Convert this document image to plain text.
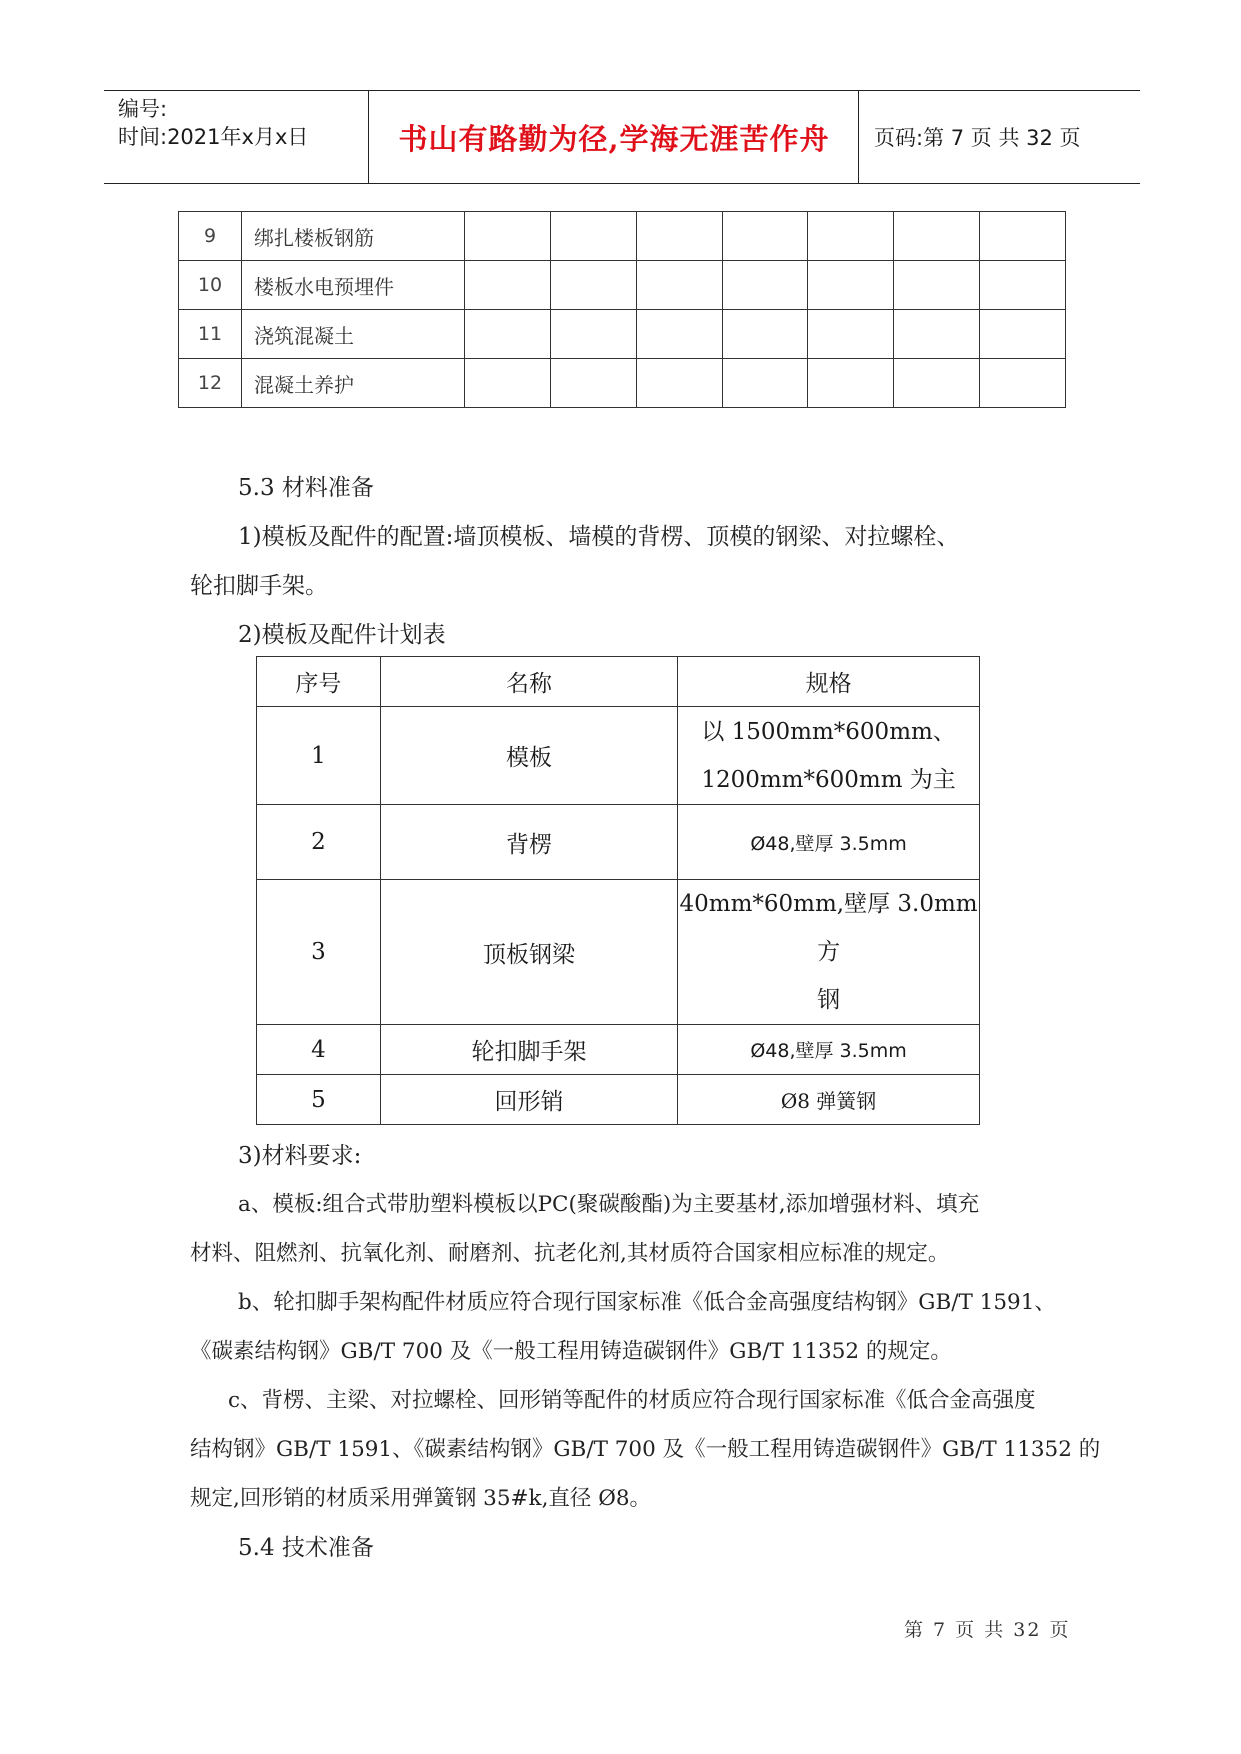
编号:
时间:2021年x月x日	书山有路勤为径,学海无涯苦作舟	页码:第 7 页 共 32 页
9	绑扎楼板钢筋							
10	楼板水电预埋件							
11	浇筑混凝土							
12	混凝土养护							
5.3 材料准备
1)模板及配件的配置:墙顶模板、墙模的背楞、顶模的钢梁、对拉螺栓、
轮扣脚手架。
2)模板及配件计划表
序号	名称	规格
1	模板	以 1500mm*600mm、
1200mm*600mm 为主

2	背楞	Ø48,壁厚 3.5mm
3	顶板钢梁	40mm*60mm,壁厚 3.0mm 方
钢

4	轮扣脚手架	Ø48,壁厚 3.5mm
5	回形销	Ø8 弹簧钢
3)材料要求:
a、模板:组合式带肋塑料模板以PC(聚碳酸酯)为主要基材,添加增强材料、填充
材料、阻燃剂、抗氧化剂、耐磨剂、抗老化剂,其材质符合国家相应标准的规定。
b、轮扣脚手架构配件材质应符合现行国家标准《低合金高强度结构钢》GB/T 1591、
《碳素结构钢》GB/T 700 及《一般工程用铸造碳钢件》GB/T 11352 的规定。
c、背楞、主梁、对拉螺栓、回形销等配件的材质应符合现行国家标准《低合金高强度
结构钢》GB/T 1591、《碳素结构钢》GB/T 700 及《一般工程用铸造碳钢件》GB/T 11352 的
规定,回形销的材质采用弹簧钢 35#k,直径 Ø8。
5.4 技术准备
第 7 页 共 32 页
